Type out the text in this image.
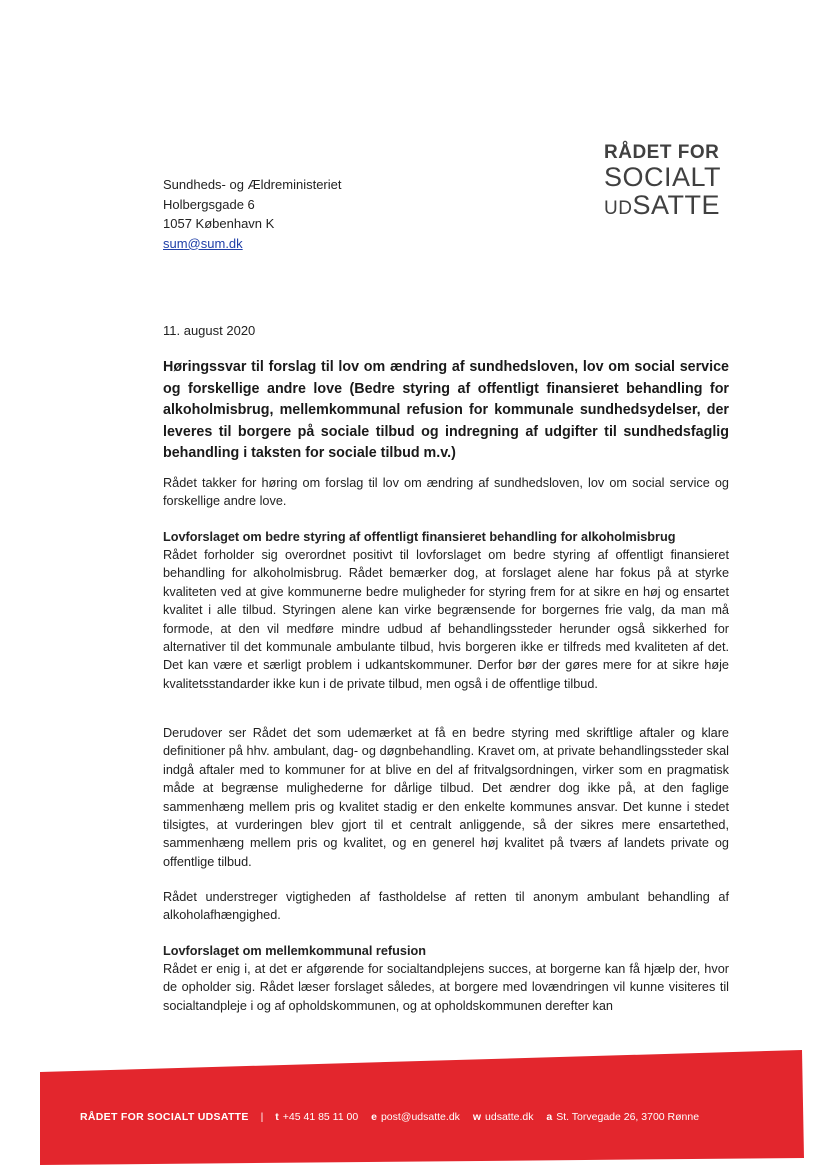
RÅDET FOR
SOCIALT
UDSATTE
Sundheds- og Ældreministeriet
Holbergsgade 6
1057 København K
sum@sum.dk
11. august 2020
Høringssvar til forslag til lov om ændring af sundhedsloven, lov om social service og forskellige andre love (Bedre styring af offentligt finansieret behandling for alkoholmisbrug, mellemkommunal refusion for kommunale sundhedsydelser, der leveres til borgere på sociale tilbud og indregning af udgifter til sundhedsfaglig behandling i taksten for sociale tilbud m.v.)
Rådet takker for høring om forslag til lov om ændring af sundhedsloven, lov om social service og forskellige andre love.
Lovforslaget om bedre styring af offentligt finansieret behandling for alkoholmisbrug
Rådet forholder sig overordnet positivt til lovforslaget om bedre styring af offentligt finansieret behandling for alkoholmisbrug. Rådet bemærker dog, at forslaget alene har fokus på at styrke kvaliteten ved at give kommunerne bedre muligheder for styring frem for at sikre en høj og ensartet kvalitet i alle tilbud. Styringen alene kan virke begrænsende for borgernes frie valg, da man må formode, at den vil medføre mindre udbud af behandlingssteder herunder også sikkerhed for alternativer til det kommunale ambulante tilbud, hvis borgeren ikke er tilfreds med kvaliteten af det. Det kan være et særligt problem i udkantskommuner. Derfor bør der gøres mere for at sikre høje kvalitetsstandarder ikke kun i de private tilbud, men også i de offentlige tilbud.
Derudover ser Rådet det som udemærket at få en bedre styring med skriftlige aftaler og klare definitioner på hhv. ambulant, dag- og døgnbehandling. Kravet om, at private behandlingssteder skal indgå aftaler med to kommuner for at blive en del af fritvalgsordningen, virker som en pragmatisk måde at begrænse mulighederne for dårlige tilbud. Det ændrer dog ikke på, at den faglige sammenhæng mellem pris og kvalitet stadig er den enkelte kommunes ansvar. Det kunne i stedet tilsigtes, at vurderingen blev gjort til et centralt anliggende, så der sikres mere ensartethed, sammenhæng mellem pris og kvalitet, og en generel høj kvalitet på tværs af landets private og offentlige tilbud.
Rådet understreger vigtigheden af fastholdelse af retten til anonym ambulant behandling af alkoholafhængighed.
Lovforslaget om mellemkommunal refusion
Rådet er enig i, at det er afgørende for socialtandplejens succes, at borgerne kan få hjælp der, hvor de opholder sig. Rådet læser forslaget således, at borgere med lovændringen vil kunne visiteres til socialtandpleje i og af opholdskommunen, og at opholdskommunen derefter kan
RÅDET FOR SOCIALT UDSATTE | t +45 41 85 11 00 e post@udsatte.dk w udsatte.dk a St. Torvegade 26, 3700 Rønne
